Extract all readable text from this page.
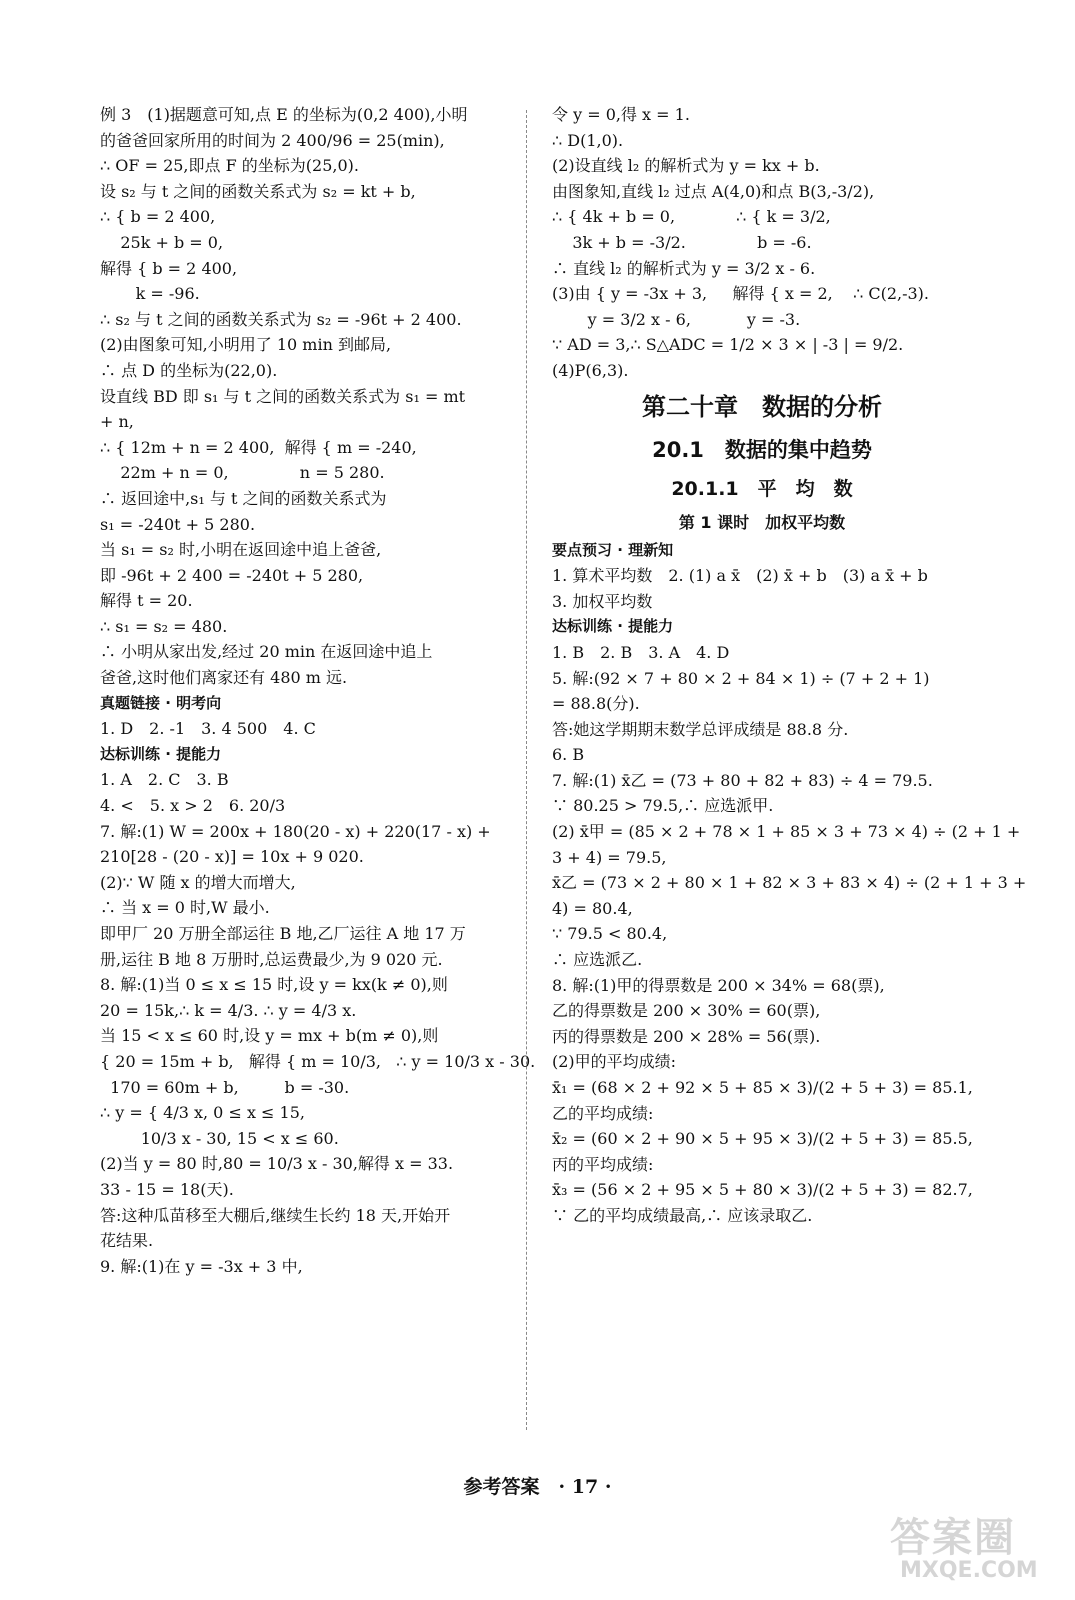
例 3　(1)据题意可知,点 E 的坐标为(0,2 400),小明

的爸爸回家所用的时间为 2 400/96 = 25(min),

∴ OF = 25,即点 F 的坐标为(25,0).

设 s₂ 与 t 之间的函数关系式为 s₂ = kt + b,

∴ { b = 2 400,

25k + b = 0,

解得 { b = 2 400,

k = -96.

∴ s₂ 与 t 之间的函数关系式为 s₂ = -96t + 2 400.

(2)由图象可知,小明用了 10 min 到邮局,

∴ 点 D 的坐标为(22,0).

设直线 BD 即 s₁ 与 t 之间的函数关系式为 s₁ = mt

+ n,

∴ { 12m + n = 2 400,  解得 { m = -240,

22m + n = 0,              n = 5 280.

∴ 返回途中,s₁ 与 t 之间的函数关系式为

s₁ = -240t + 5 280.

当 s₁ = s₂ 时,小明在返回途中追上爸爸,

即 -96t + 2 400 = -240t + 5 280,

解得 t = 20.

∴ s₁ = s₂ = 480.

∴ 小明从家出发,经过 20 min 在返回途中追上

爸爸,这时他们离家还有 480 m 远.

真题链接 · 明考向

1. D　2. -1　3. 4 500　4. C

达标训练 · 提能力

1. A　2. C　3. B

4. <　5. x > 2　6. 20/3

7. 解:(1) W = 200x + 180(20 - x) + 220(17 - x) +

210[28 - (20 - x)] = 10x + 9 020.

(2)∵ W 随 x 的增大而增大,

∴ 当 x = 0 时,W 最小.

即甲厂 20 万册全部运往 B 地,乙厂运往 A 地 17 万

册,运往 B 地 8 万册时,总运费最少,为 9 020 元.

8. 解:(1)当 0 ≤ x ≤ 15 时,设 y = kx(k ≠ 0),则

20 = 15k,∴ k = 4/3. ∴ y = 4/3 x.

当 15 < x ≤ 60 时,设 y = mx + b(m ≠ 0),则

{ 20 = 15m + b,   解得 { m = 10/3,   ∴ y = 10/3 x - 30.

170 = 60m + b,         b = -30.

∴ y = { 4/3 x, 0 ≤ x ≤ 15,

10/3 x - 30, 15 < x ≤ 60.

(2)当 y = 80 时,80 = 10/3 x - 30,解得 x = 33.

33 - 15 = 18(天).

答:这种瓜苗移至大棚后,继续生长约 18 天,开始开

花结果.

9. 解:(1)在 y = -3x + 3 中,

令 y = 0,得 x = 1.

∴ D(1,0).

(2)设直线 l₂ 的解析式为 y = kx + b.

由图象知,直线 l₂ 过点 A(4,0)和点 B(3,-3/2),

∴ { 4k + b = 0,            ∴ { k = 3/2,

3k + b = -3/2.              b = -6.

∴ 直线 l₂ 的解析式为 y = 3/2 x - 6.

(3)由 { y = -3x + 3,     解得 { x = 2,    ∴ C(2,-3).

y = 3/2 x - 6,           y = -3.

∵ AD = 3,∴ S△ADC = 1/2 × 3 × | -3 | = 9/2.

(4)P(6,3).

第二十章　数据的分析
20.1　数据的集中趋势
20.1.1　平　均　数
第 1 课时　加权平均数

要点预习 · 理新知

1. 算术平均数　2. (1) a x̄　(2) x̄ + b　(3) a x̄ + b

3. 加权平均数

达标训练 · 提能力

1. B　2. B　3. A　4. D

5. 解:(92 × 7 + 80 × 2 + 84 × 1) ÷ (7 + 2 + 1)

= 88.8(分).

答:她这学期期末数学总评成绩是 88.8 分.

6. B

7. 解:(1) x̄乙 = (73 + 80 + 82 + 83) ÷ 4 = 79.5.

∵ 80.25 > 79.5,∴ 应选派甲.

(2) x̄甲 = (85 × 2 + 78 × 1 + 85 × 3 + 73 × 4) ÷ (2 + 1 +

3 + 4) = 79.5,

x̄乙 = (73 × 2 + 80 × 1 + 82 × 3 + 83 × 4) ÷ (2 + 1 + 3 +

4) = 80.4,

∵ 79.5 < 80.4,

∴ 应选派乙.

8. 解:(1)甲的得票数是 200 × 34% = 68(票),

乙的得票数是 200 × 30% = 60(票),

丙的得票数是 200 × 28% = 56(票).

(2)甲的平均成绩:

x̄₁ = (68 × 2 + 92 × 5 + 85 × 3)/(2 + 5 + 3) = 85.1,

乙的平均成绩:

x̄₂ = (60 × 2 + 90 × 5 + 95 × 3)/(2 + 5 + 3) = 85.5,

丙的平均成绩:

x̄₃ = (56 × 2 + 95 × 5 + 80 × 3)/(2 + 5 + 3) = 82.7,

∵ 乙的平均成绩最高,∴ 应该录取乙.

参考答案　· 17 ·
答案圈
MXQE.COM
